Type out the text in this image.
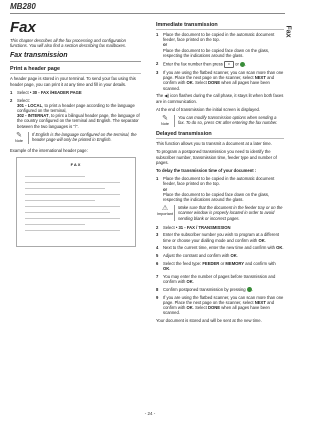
MB280
Fax
Fax

This chapter describes all the fax processing and configuration functions. You will also find a section describing fax mailboxes.

Fax transmission
Print a header page

A header page is stored in your terminal. To send your fax using this header page, you can print it at any time and fill in your details.

1	Select • 30 - FAX /HEADER PAGE
2	Select:
301 - LOCAL, to print a header page according to the language configured on the terminal,
302 - INTERNAT, to print a bilingual header page, the language of the country configured on the terminal and English. The separator between the two languages is "/".
✎
Note
If English is the language configured on the terminal, the header page will only be printed in English.

Example of the international header page:

FAX
Immediate transmission
1	Place the document to be copied in the automatic document feeder, face printed on the top.
or
Place the document to be copied face down on the glass, respecting the indications around the glass.
2	Enter the fax number then press ≡ or .
3	If you are using the flatbed scanner, you can scan more than one page. Place the next page on the scanner, select NEXT and confirm with OK. Select DONE when all pages have been scanned.

The ◀) icon flashes during the call phase, it stays lit when both faxes are in communication.

At the end of transmission the initial screen is displayed.

✎
Note
You can modify transmission options when sending a fax. To do so, press OK after entering the fax number.
Delayed transmission

This function allows you to transmit a document at a later time.

To program a postponed transmission you need to identify the subscriber number, transmission time, feeder type and number of pages.

To delay the transmission time of your document :

1	Place the document to be copied in the automatic document feeder, face printed on the top.
or
Place the document to be copied face down on the glass, respecting the indications around the glass.
⚠
Important
Make sure that the document in the feeder tray or on the scanner window is properly located in order to avoid sending blank or incorrect pages.
2	Select • 31 - FAX / TRANSMISSION
3	Enter the subscriber number you wish to program at a different time or choose your dialling mode and confirm with OK.
4	Next to the current time, enter the new time and confirm with OK.
5	Adjust the contrast and confirm with OK.
6	Select the feed type: FEEDER or MEMORY and confirm with OK.
7	You may enter the number of pages before transmission and confirm with OK.
8	Confirm postponed transmission by pressing .
9	If you are using the flatbed scanner, you can scan more than one page. Place the next page on the scanner, select NEXT and confirm with OK. Select DONE when all pages have been scanned.

Your document is stored and will be sent at the new time.

- 24 -
